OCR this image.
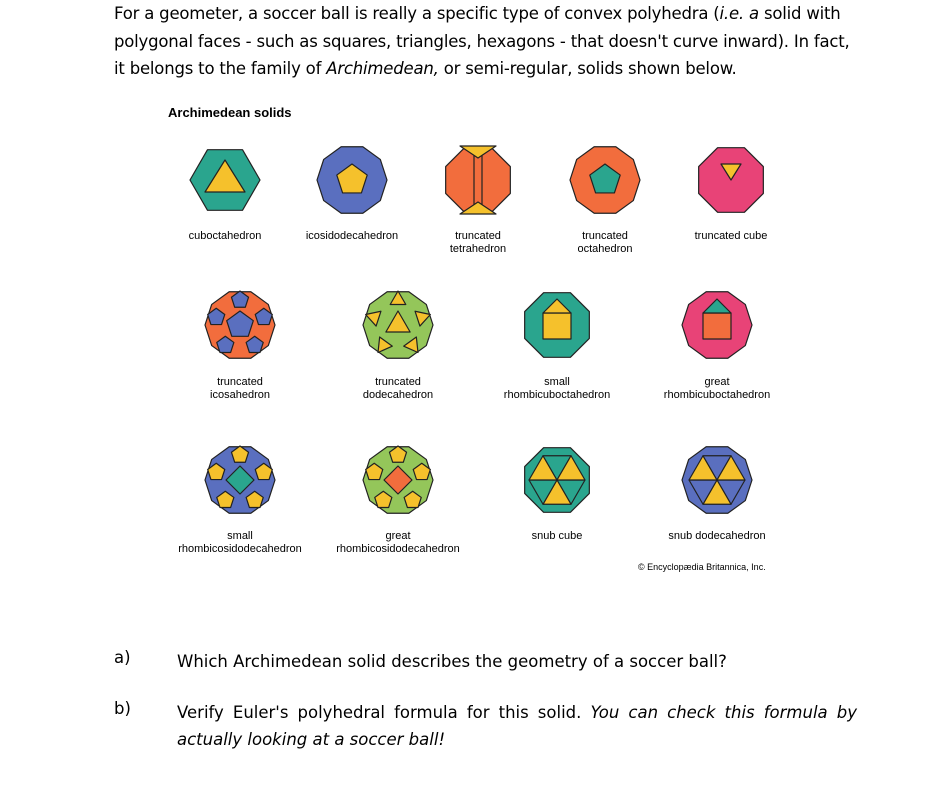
For a geometer, a soccer ball is really a specific type of convex polyhedra (i.e. a solid with polygonal faces - such as squares, triangles, hexagons - that doesn't curve inward). In fact, it belongs to the family of Archimedean, or semi-regular, solids shown below.

Archimedean solids
cuboctahedron	icosidodecahedron	truncated
tetrahedron
truncated
octahedron
truncated cube
truncated
icosahedron
truncated
dodecahedron
small
rhombicuboctahedron
great
rhombicuboctahedron
small
rhombicosidodecahedron
great
rhombicosidodecahedron
snub cube	snub dodecahedron
© Encyclopædia Britannica, Inc.
a)	Which Archimedean solid describes the geometry of a soccer ball?
b)	Verify Euler's polyhedral formula for this solid. You can check this formula by actually looking at a soccer ball!
